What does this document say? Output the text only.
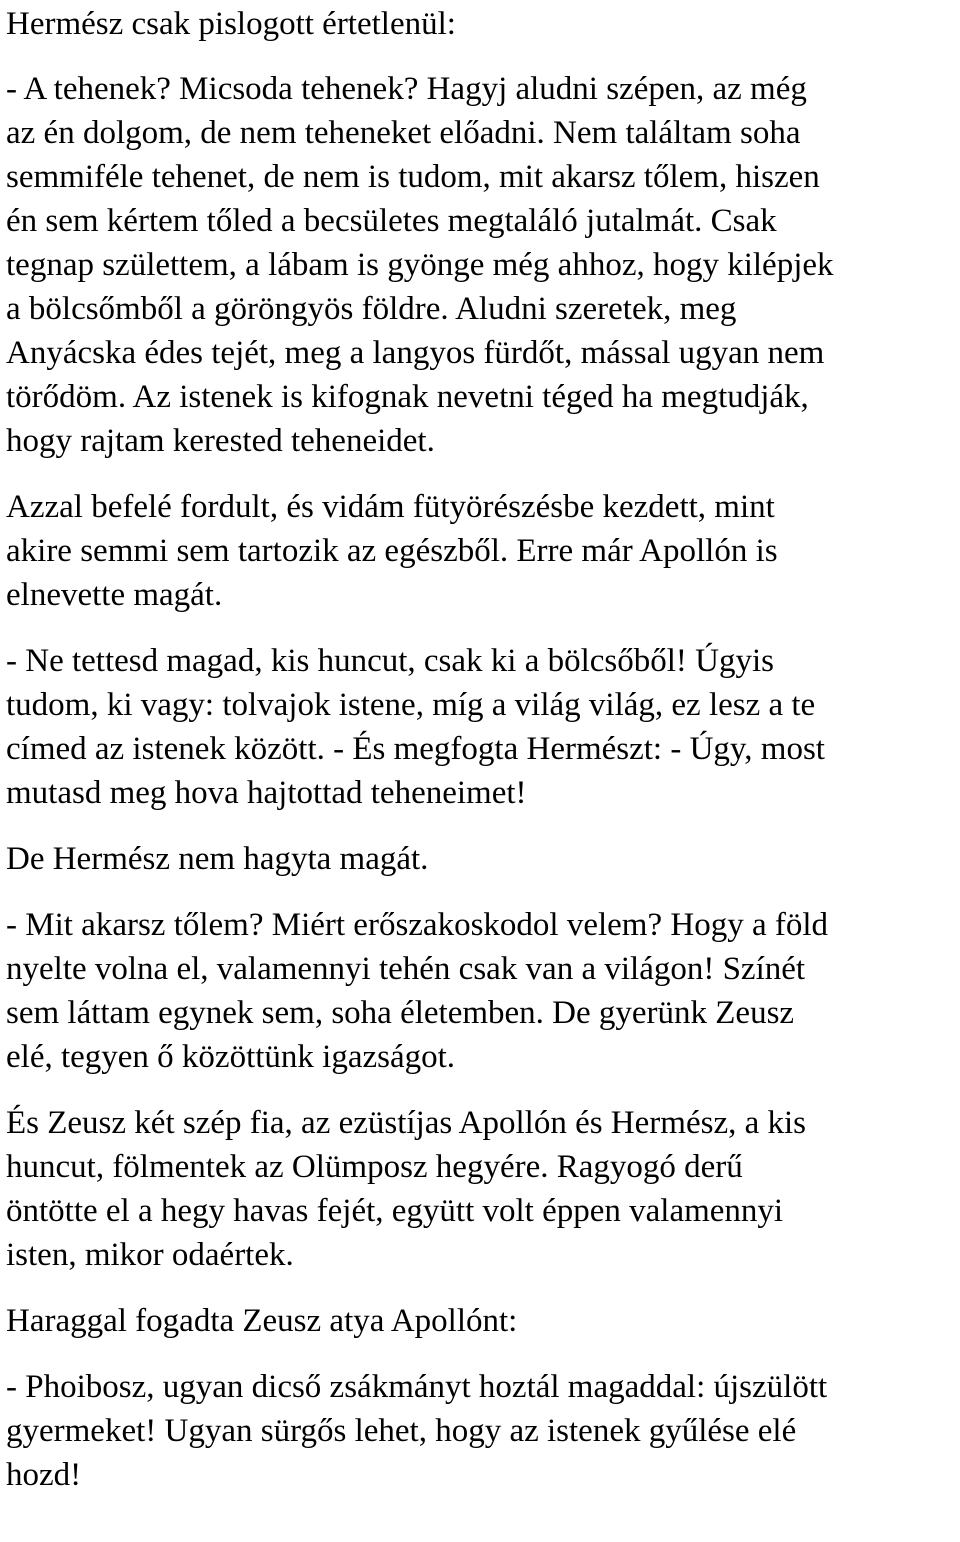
Hermész csak pislogott értetlenül:

- A tehenek? Micsoda tehenek? Hagyj aludni szépen, az még
az én dolgom, de nem teheneket előadni. Nem találtam soha
semmiféle tehenet, de nem is tudom, mit akarsz tőlem, hiszen
én sem kértem tőled a becsületes megtaláló jutalmát. Csak
tegnap születtem, a lábam is gyönge még ahhoz, hogy kilépjek
a bölcsőmből a göröngyös földre. Aludni szeretek, meg
Anyácska édes tejét, meg a langyos fürdőt, mással ugyan nem
törődöm. Az istenek is kifognak nevetni téged ha megtudják,
hogy rajtam kerested teheneidet.

Azzal befelé fordult, és vidám fütyörészésbe kezdett, mint
akire semmi sem tartozik az egészből. Erre már Apollón is
elnevette magát.

- Ne tettesd magad, kis huncut, csak ki a bölcsőből! Úgyis
tudom, ki vagy: tolvajok istene, míg a világ világ, ez lesz a te
címed az istenek között. - És megfogta Hermészt: - Úgy, most
mutasd meg hova hajtottad teheneimet!

De Hermész nem hagyta magát.

- Mit akarsz tőlem? Miért erőszakoskodol velem? Hogy a föld
nyelte volna el, valamennyi tehén csak van a világon! Színét
sem láttam egynek sem, soha életemben. De gyerünk Zeusz
elé, tegyen ő közöttünk igazságot.

És Zeusz két szép fia, az ezüstíjas Apollón és Hermész, a kis
huncut, fölmentek az Olümposz hegyére. Ragyogó derű
öntötte el a hegy havas fejét, együtt volt éppen valamennyi
isten, mikor odaértek.

Haraggal fogadta Zeusz atya Apollónt:

- Phoibosz, ugyan dicső zsákmányt hoztál magaddal: újszülött
gyermeket! Ugyan sürgős lehet, hogy az istenek gyűlése elé
hozd!
